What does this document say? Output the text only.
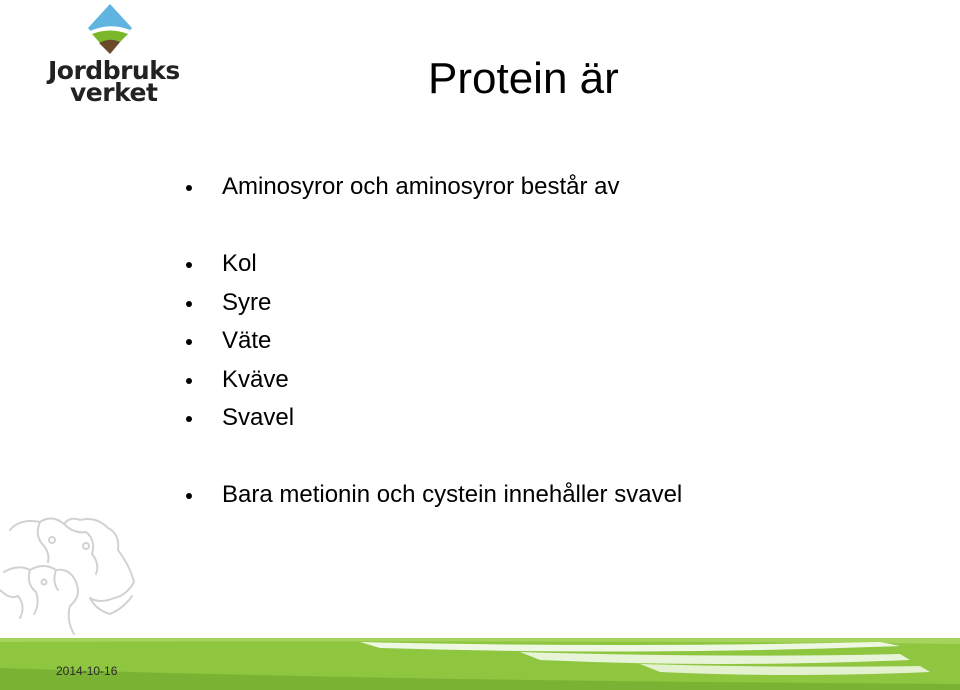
Jordbruks
verket	Protein är
Aminosyror och aminosyror består av
Kol
Syre
Väte
Kväve
Svavel
Bara metionin och cystein innehåller svavel
2014-10-16
